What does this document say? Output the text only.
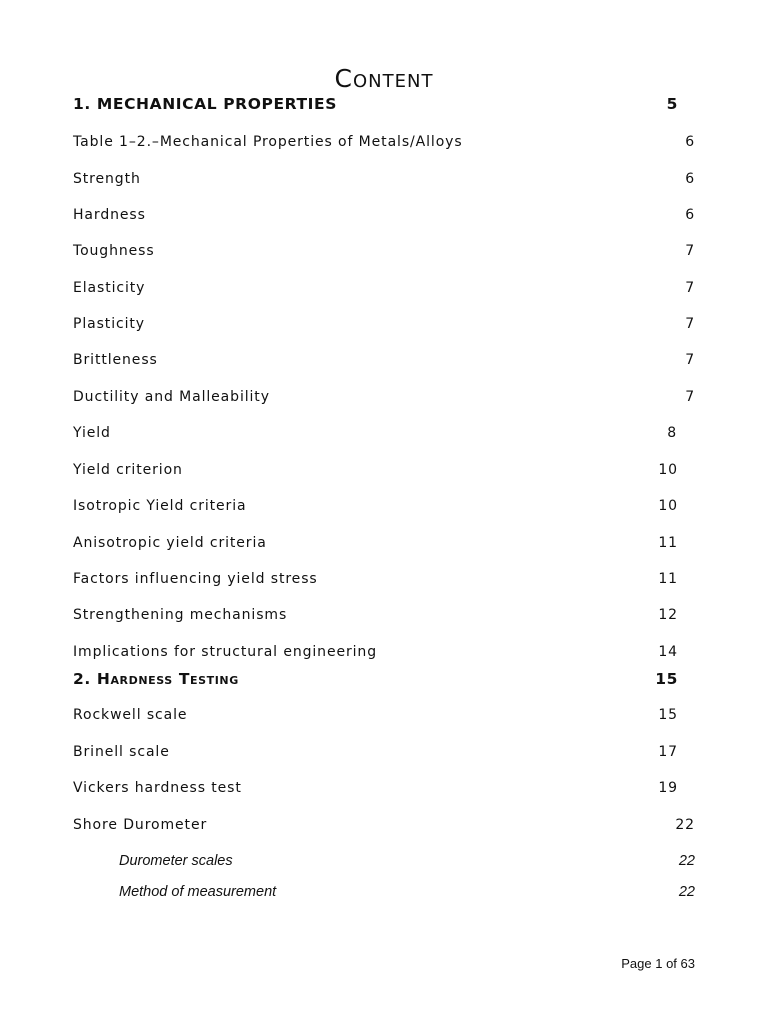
Content
1. MECHANICAL PROPERTIES	5
Table 1–2.–Mechanical Properties of Metals/Alloys	6
Strength	6
Hardness	6
Toughness	7
Elasticity	7
Plasticity	7
Brittleness	7
Ductility and Malleability	7
Yield	8
Yield criterion	10
Isotropic Yield criteria	10
Anisotropic yield criteria	11
Factors influencing yield stress	11
Strengthening mechanisms	12
Implications for structural engineering	14
2. Hardness Testing	15
Rockwell scale	15
Brinell scale	17
Vickers hardness test	19
Shore Durometer	22
Durometer scales	22
Method of measurement	22
Page 1 of 63
